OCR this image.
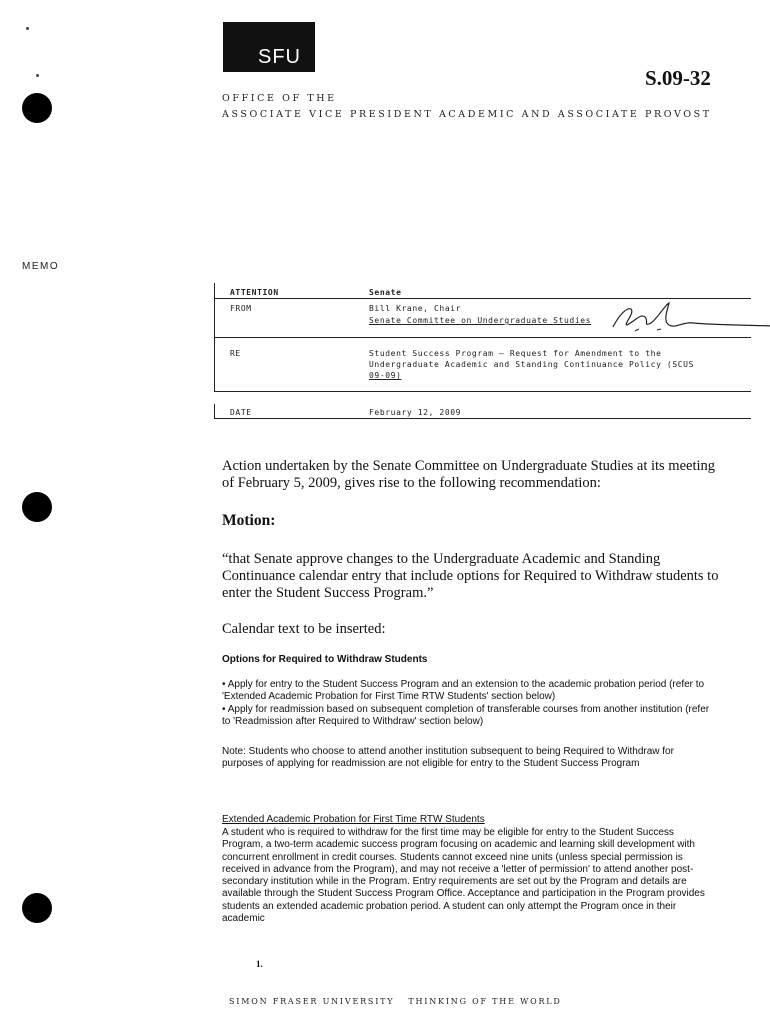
SFU
S.09-32
OFFICE OF THE
ASSOCIATE VICE PRESIDENT ACADEMIC AND ASSOCIATE PROVOST
MEMO
ATTENTION	Senate
FROM	Bill Krane, Chair
Senate Committee on Undergraduate Studies
RE	Student Success Program – Request for Amendment to the
Undergraduate Academic and Standing Continuance Policy (SCUS
09-09)
DATE	February 12, 2009
Action undertaken by the Senate Committee on Undergraduate Studies at its meeting of February 5, 2009, gives rise to the following recommendation:
Motion:
“that Senate approve changes to the Undergraduate Academic and Standing Continuance calendar entry that include options for Required to Withdraw students to enter the Student Success Program.”
Calendar text to be inserted:
Options for Required to Withdraw Students
• Apply for entry to the Student Success Program and an extension to the academic probation period (refer to 'Extended Academic Probation for First Time RTW Students' section below)
• Apply for readmission based on subsequent completion of transferable courses from another institution (refer to 'Readmission after Required to Withdraw' section below)
Note: Students who choose to attend another institution subsequent to being Required to Withdraw for purposes of applying for readmission are not eligible for entry to the Student Success Program
Extended Academic Probation for First Time RTW Students
A student who is required to withdraw for the first time may be eligible for entry to the Student Success Program, a two-term academic success program focusing on academic and learning skill development with concurrent enrollment in credit courses. Students cannot exceed nine units (unless special permission is received in advance from the Program), and may not receive a 'letter of permission' to attend another post-secondary institution while in the Program. Entry requirements are set out by the Program and details are available through the Student Success Program Office. Acceptance and participation in the Program provides students an extended academic probation period. A student can only attempt the Program once in their academic
1.
SIMON FRASER UNIVERSITY THINKING OF THE WORLD
